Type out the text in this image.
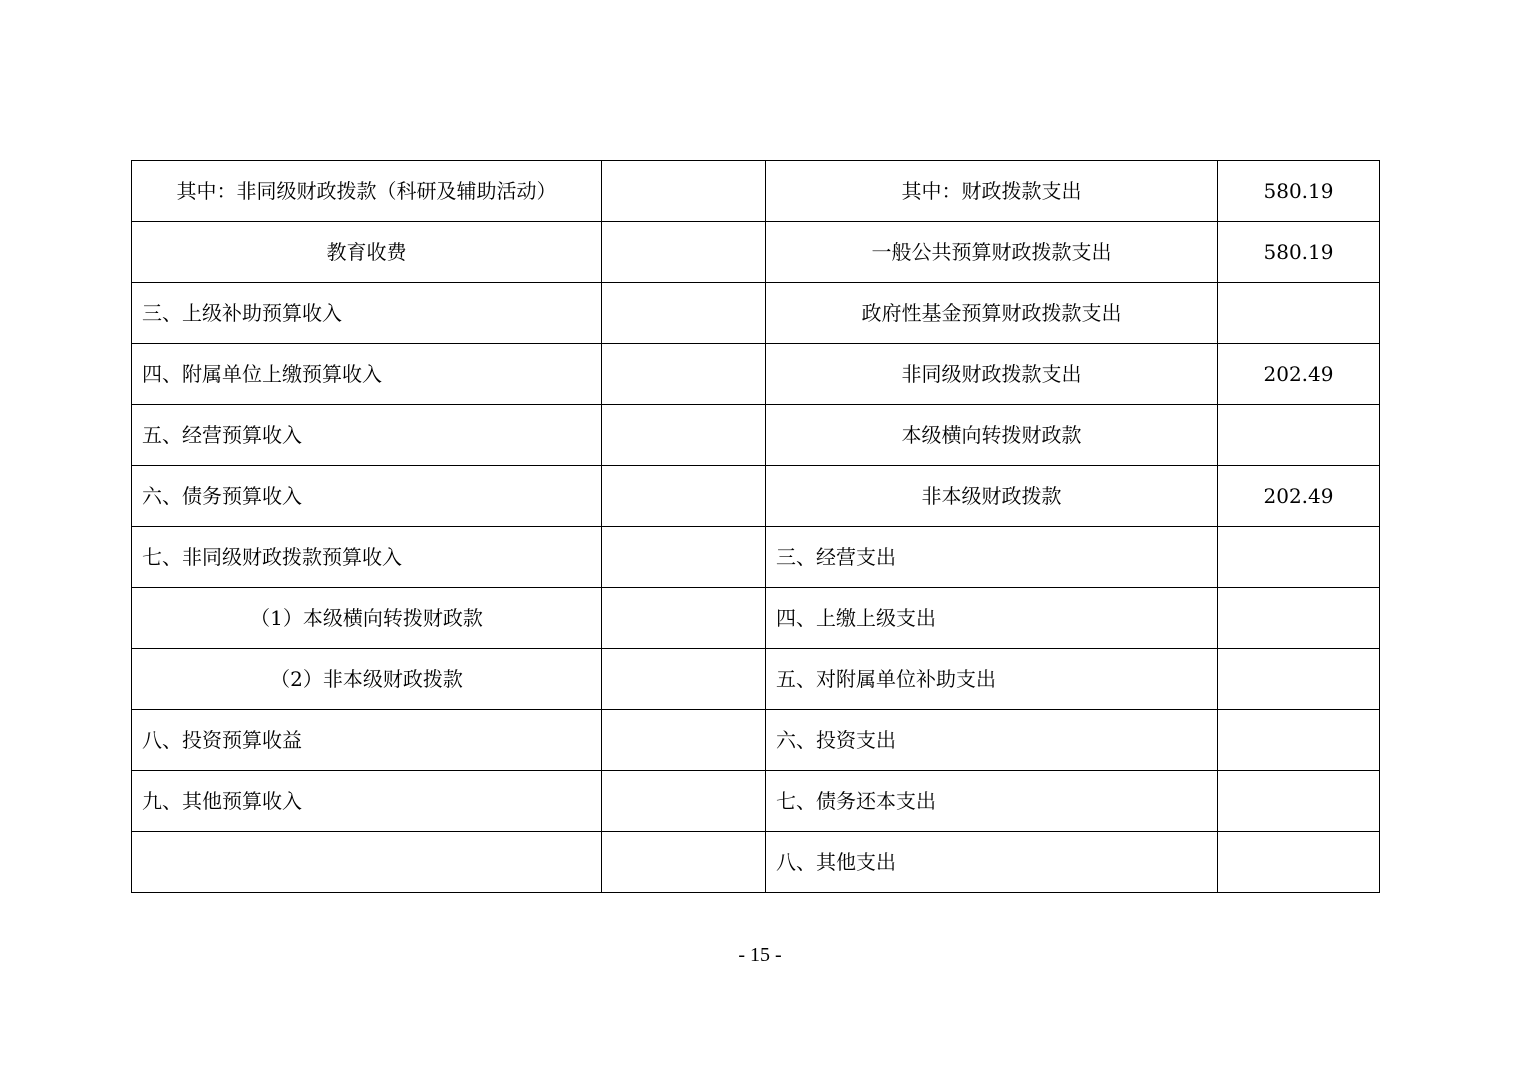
其中：非同级财政拨款（科研及辅助活动）		其中：财政拨款支出	580.19
教育收费		一般公共预算财政拨款支出	580.19
三、上级补助预算收入		政府性基金预算财政拨款支出	
四、附属单位上缴预算收入		非同级财政拨款支出	202.49
五、经营预算收入		本级横向转拨财政款	
六、债务预算收入		非本级财政拨款	202.49
七、非同级财政拨款预算收入		三、经营支出	
（1）本级横向转拨财政款		四、上缴上级支出	
（2）非本级财政拨款		五、对附属单位补助支出	
八、投资预算收益		六、投资支出	
九、其他预算收入		七、债务还本支出	
		八、其他支出	
- 15 -
